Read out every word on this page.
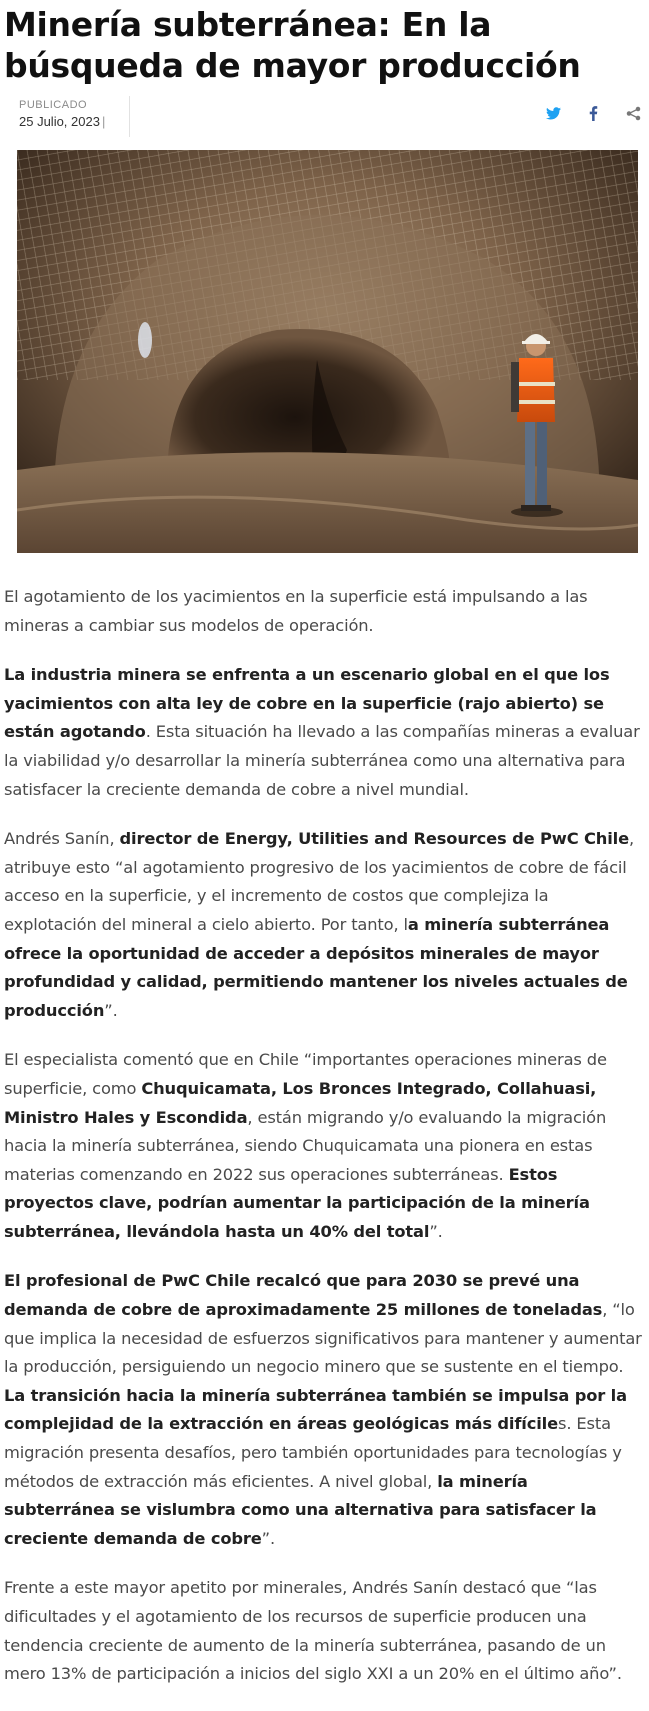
Minería subterránea: En la búsqueda de mayor producción
PUBLICADO
25 Julio, 2023 |

El agotamiento de los yacimientos en la superficie está impulsando a las mineras a cambiar sus modelos de operación.

La industria minera se enfrenta a un escenario global en el que los yacimientos con alta ley de cobre en la superficie (rajo abierto) se están agotando. Esta situación ha llevado a las compañías mineras a evaluar la viabilidad y/o desarrollar la minería subterránea como una alternativa para satisfacer la creciente demanda de cobre a nivel mundial.

Andrés Sanín, director de Energy, Utilities and Resources de PwC Chile, atribuye esto “al agotamiento progresivo de los yacimientos de cobre de fácil acceso en la superficie, y el incremento de costos que complejiza la explotación del mineral a cielo abierto. Por tanto, la minería subterránea ofrece la oportunidad de acceder a depósitos minerales de mayor profundidad y calidad, permitiendo mantener los niveles actuales de producción”.

El especialista comentó que en Chile “importantes operaciones mineras de superficie, como Chuquicamata, Los Bronces Integrado, Collahuasi, Ministro Hales y Escondida, están migrando y/o evaluando la migración hacia la minería subterránea, siendo Chuquicamata una pionera en estas materias comenzando en 2022 sus operaciones subterráneas. Estos proyectos clave, podrían aumentar la participación de la minería subterránea, llevándola hasta un 40% del total”.

El profesional de PwC Chile recalcó que para 2030 se prevé una demanda de cobre de aproximadamente 25 millones de toneladas, “lo que implica la necesidad de esfuerzos significativos para mantener y aumentar la producción, persiguiendo un negocio minero que se sustente en el tiempo. La transición hacia la minería subterránea también se impulsa por la complejidad de la extracción en áreas geológicas más difíciles. Esta migración presenta desafíos, pero también oportunidades para tecnologías y métodos de extracción más eficientes. A nivel global, la minería subterránea se vislumbra como una alternativa para satisfacer la creciente demanda de cobre”.

Frente a este mayor apetito por minerales, Andrés Sanín destacó que “las dificultades y el agotamiento de los recursos de superficie producen una tendencia creciente de aumento de la minería subterránea, pasando de un mero 13% de participación a inicios del siglo XXI a un 20% en el último año”.
